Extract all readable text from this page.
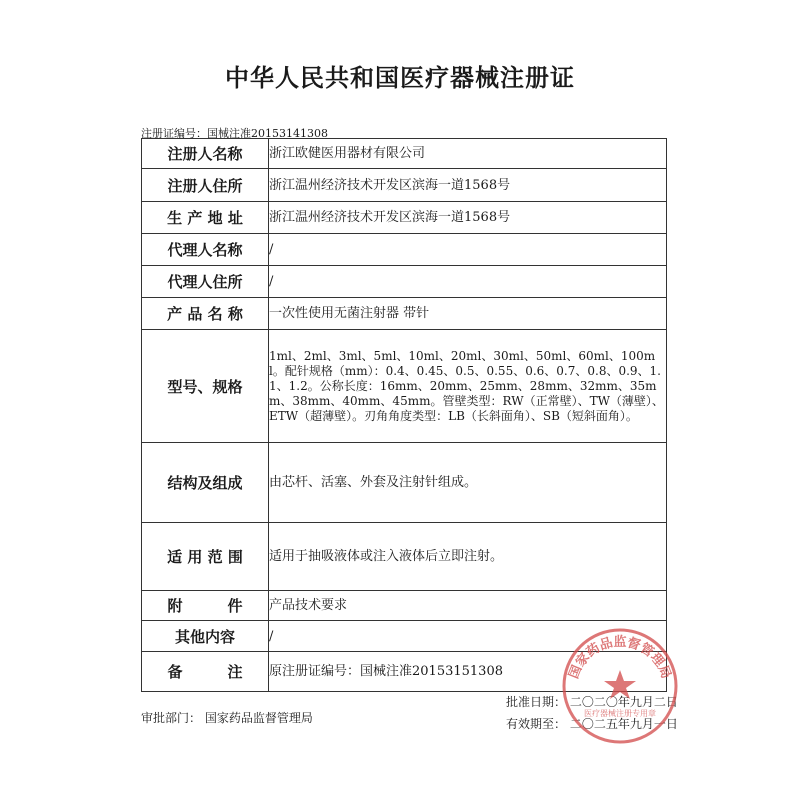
中华人民共和国医疗器械注册证
注册证编号：国械注准20153141308
注册人名称	浙江欧健医用器材有限公司
注册人住所	浙江温州经济技术开发区滨海一道1568号
生 产 地 址	浙江温州经济技术开发区滨海一道1568号
代理人名称	/
代理人住所	/
产 品 名 称	一次性使用无菌注射器 带针
型号、规格	1ml、2ml、3ml、5ml、10ml、20ml、30ml、50ml、60ml、100ml。配针规格（mm）：0.4、0.45、0.5、0.55、0.6、0.7、0.8、0.9、1.1、1.2。公称长度：16mm、20mm、25mm、28mm、32mm、35mm、38mm、40mm、45mm。管壁类型：RW（正常壁）、TW（薄壁）、ETW（超薄壁）。刃角角度类型：LB（长斜面角）、SB（短斜面角）。

结构及组成	由芯杆、活塞、外套及注射针组成。
适 用 范 围	适用于抽吸液体或注入液体后立即注射。
附　　　件	产品技术要求
其他内容	/
备　　　注	原注册证编号：国械注准20153151308
审批部门： 国家药品监督管理局
批准日期： 二〇二〇年九月二日
有效期至： 二〇二五年九月一日
国家药品监督管理局
医疗器械注册专用章
